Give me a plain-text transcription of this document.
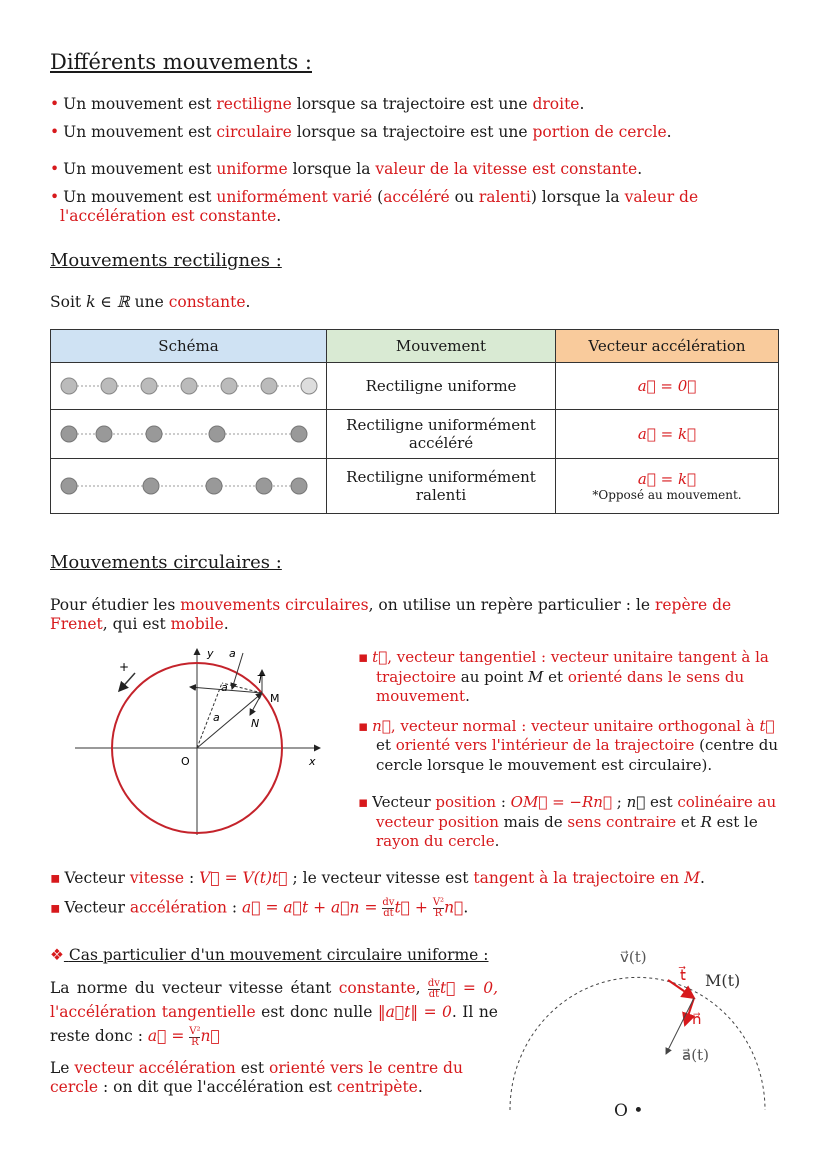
Différents mouvements :
• Un mouvement est rectiligne lorsque sa trajectoire est une droite.
• Un mouvement est circulaire lorsque sa trajectoire est une portion de cercle.
• Un mouvement est uniforme lorsque la valeur de la vitesse est constante.
• Un mouvement est uniformément varié (accéléré ou ralenti) lorsque la valeur de l'accélération est constante.
Mouvements rectilignes :
Soit k ∈ ℝ une constante.
Schéma	Mouvement	Vecteur accélération

	Rectiligne uniforme	a⃗ = 0⃗

	Rectiligne uniformément accéléré	a⃗ = k⃗

	Rectiligne uniformément ralenti	a⃗ = k⃗
*Opposé au mouvement.
Mouvements circulaires :
Pour étudier les mouvements circulaires, on utilise un repère particulier : le repère de Frenet, qui est mobile.
y
x
O
M
T
N
a
a
a
+
▪ t⃗, vecteur tangentiel : vecteur unitaire tangent à la trajectoire au point M et orienté dans le sens du mouvement.
▪ n⃗, vecteur normal : vecteur unitaire orthogonal à t⃗ et orienté vers l'intérieur de la trajectoire (centre du cercle lorsque le mouvement est circulaire).
▪ Vecteur position : OM⃗ = −Rn⃗ ; n⃗ est colinéaire au vecteur position mais de sens contraire et R est le rayon du cercle.
▪ Vecteur vitesse : V⃗ = V(t)t⃗ ; le vecteur vitesse est tangent à la trajectoire en M.
▪ Vecteur accélération : a⃗ = a⃗t + a⃗n = $\frac{dv}{dt}$ t⃗ + $\frac{\text{V²}}{R}$ n⃗.
❖ Cas particulier d'un mouvement circulaire uniforme :
La norme du vecteur vitesse étant constante, $\frac{dv}{dt}$ t⃗ = 0, l'accélération tangentielle est donc nulle ‖a⃗t‖ = 0. Il ne reste donc : a⃗ = $\frac{\text{V²}}{R}$ n⃗
Le vecteur accélération est orienté vers le centre du cercle : on dit que l'accélération est centripète.
v⃗(t)
t⃗ M(t)
n⃗
a⃗(t)
O •
